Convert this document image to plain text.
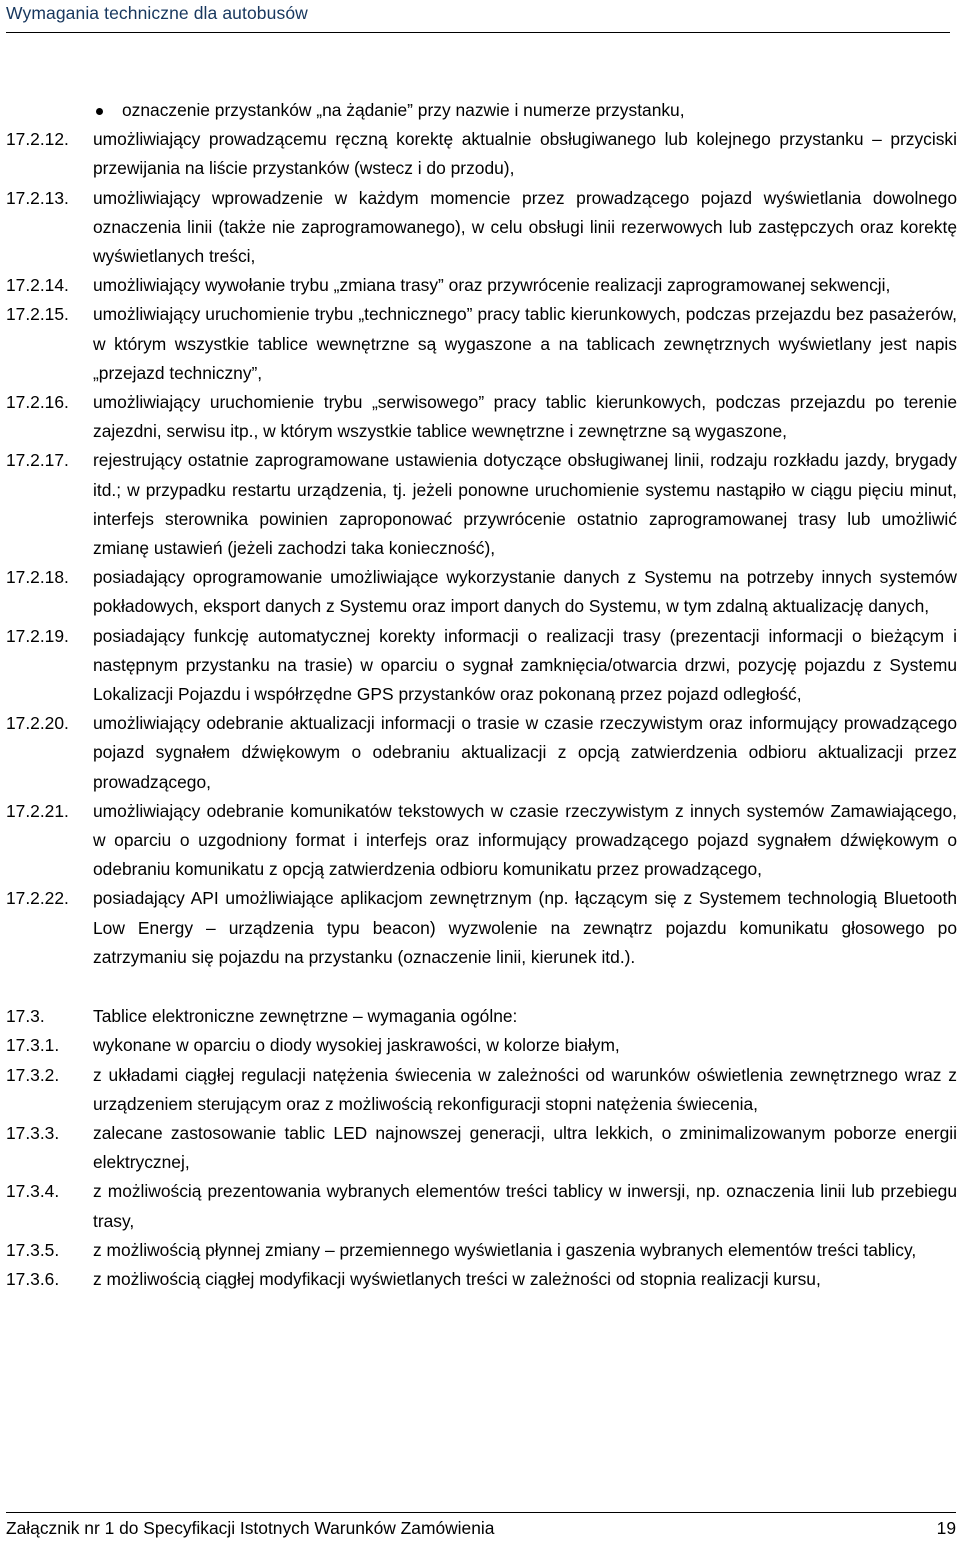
Wymagania techniczne dla autobusów
oznaczenie przystanków „na żądanie” przy nazwie i numerze przystanku,
17.2.12. umożliwiający prowadzącemu ręczną korektę aktualnie obsługiwanego lub kolejnego przystanku – przyciski przewijania na liście przystanków (wstecz i do przodu),
17.2.13. umożliwiający wprowadzenie w każdym momencie przez prowadzącego pojazd wyświetlania dowolnego oznaczenia linii (także nie zaprogramowanego), w celu obsługi linii rezerwowych lub zastępczych oraz korektę wyświetlanych treści,
17.2.14. umożliwiający wywołanie trybu „zmiana trasy” oraz przywrócenie realizacji zaprogramowanej sekwencji,
17.2.15. umożliwiający uruchomienie trybu „technicznego” pracy tablic kierunkowych, podczas przejazdu bez pasażerów, w którym wszystkie tablice wewnętrzne są wygaszone a na tablicach zewnętrznych wyświetlany jest napis „przejazd techniczny”,
17.2.16. umożliwiający uruchomienie trybu „serwisowego” pracy tablic kierunkowych, podczas przejazdu po terenie zajezdni, serwisu itp., w którym wszystkie tablice wewnętrzne i zewnętrzne są wygaszone,
17.2.17. rejestrujący ostatnie zaprogramowane ustawienia dotyczące obsługiwanej linii, rodzaju rozkładu jazdy, brygady itd.; w przypadku restartu urządzenia, tj. jeżeli ponowne uruchomienie systemu nastąpiło w ciągu pięciu minut, interfejs sterownika powinien zaproponować przywrócenie ostatnio zaprogramowanej trasy lub umożliwić zmianę ustawień (jeżeli zachodzi taka konieczność),
17.2.18. posiadający oprogramowanie umożliwiające wykorzystanie danych z Systemu na potrzeby innych systemów pokładowych, eksport danych z Systemu oraz import danych do Systemu, w tym zdalną aktualizację danych,
17.2.19. posiadający funkcję automatycznej korekty informacji o realizacji trasy (prezentacji informacji o bieżącym i następnym przystanku na trasie) w oparciu o sygnał zamknięcia/otwarcia drzwi, pozycję pojazdu z Systemu Lokalizacji Pojazdu i współrzędne GPS przystanków oraz pokonaną przez pojazd odległość,
17.2.20. umożliwiający odebranie aktualizacji informacji o trasie w czasie rzeczywistym oraz informujący prowadzącego pojazd sygnałem dźwiękowym o odebraniu aktualizacji z opcją zatwierdzenia odbioru aktualizacji przez prowadzącego,
17.2.21. umożliwiający odebranie komunikatów tekstowych w czasie rzeczywistym z innych systemów Zamawiającego, w oparciu o uzgodniony format i interfejs oraz informujący prowadzącego pojazd sygnałem dźwiękowym o odebraniu komunikatu z opcją zatwierdzenia odbioru komunikatu przez prowadzącego,
17.2.22. posiadający API umożliwiające aplikacjom zewnętrznym (np. łączącym się z Systemem technologią Bluetooth Low Energy – urządzenia typu beacon) wyzwolenie na zewnątrz pojazdu komunikatu głosowego po zatrzymaniu się pojazdu na przystanku (oznaczenie linii, kierunek itd.).
17.3.	Tablice elektroniczne zewnętrzne – wymagania ogólne:
17.3.1. wykonane w oparciu o diody wysokiej jaskrawości, w kolorze białym,
17.3.2. z układami ciągłej regulacji natężenia świecenia w zależności od warunków oświetlenia zewnętrznego wraz z urządzeniem sterującym oraz z możliwością rekonfiguracji stopni natężenia świecenia,
17.3.3. zalecane zastosowanie tablic LED najnowszej generacji, ultra lekkich, o zminimalizowanym poborze energii elektrycznej,
17.3.4. z możliwością prezentowania wybranych elementów treści tablicy w inwersji, np. oznaczenia linii lub przebiegu trasy,
17.3.5. z możliwością płynnej zmiany – przemiennego wyświetlania i gaszenia wybranych elementów treści tablicy,
17.3.6. z możliwością ciągłej modyfikacji wyświetlanych treści w zależności od stopnia realizacji kursu,
Załącznik nr 1 do Specyfikacji Istotnych Warunków Zamówienia	19
